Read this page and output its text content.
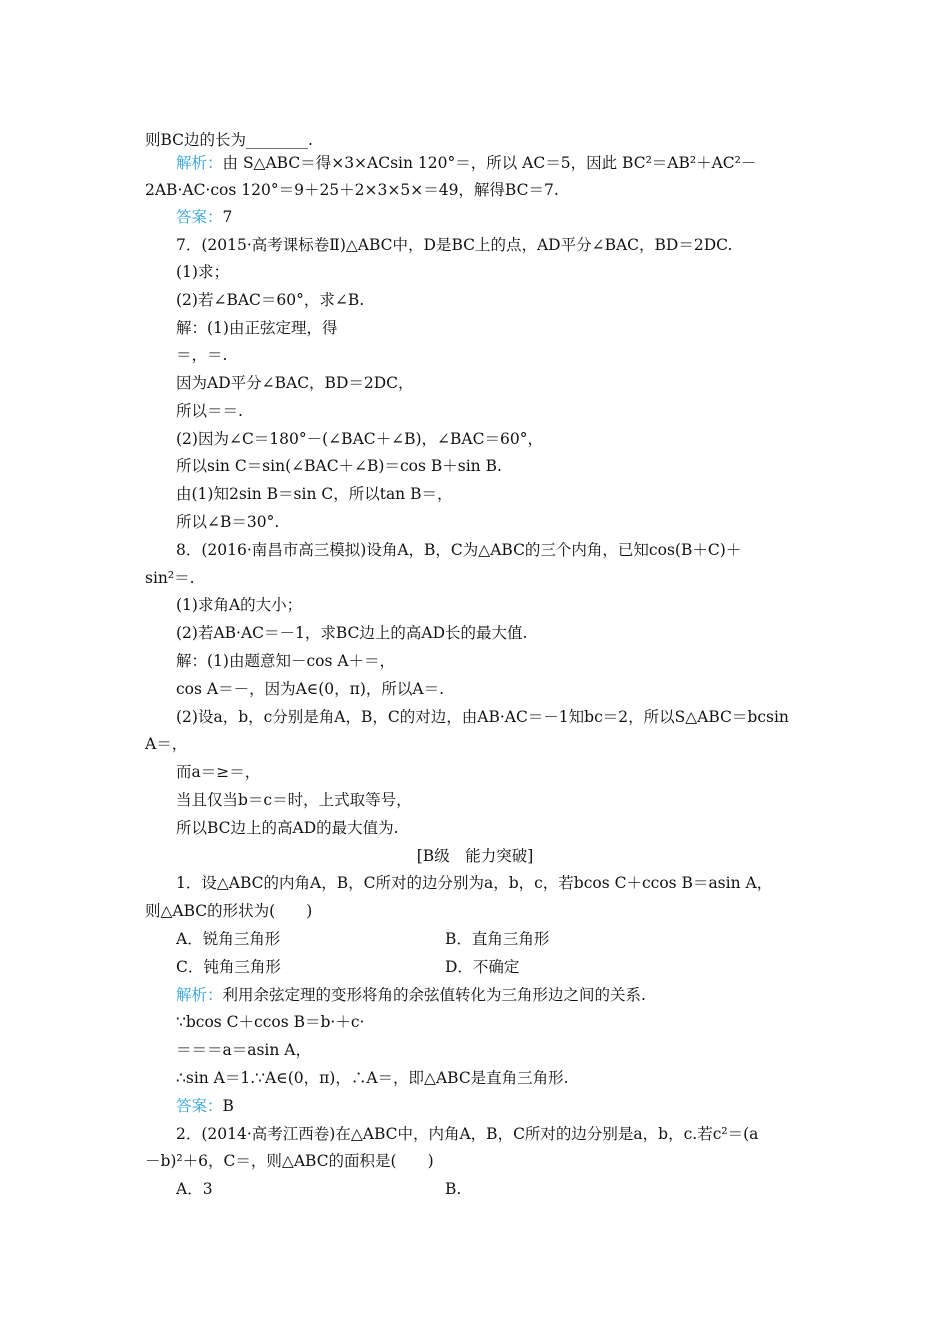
则BC边的长为________.
解析：由 S△ABC＝得×3×ACsin 120°＝，所以 AC＝5，因此 BC²＝AB²＋AC²－
2AB·AC·cos 120°＝9＋25＋2×3×5×＝49，解得BC＝7.
答案：7
7．(2015·高考课标卷Ⅱ)△ABC中，D是BC上的点，AD平分∠BAC，BD＝2DC.
(1)求；
(2)若∠BAC＝60°，求∠B.
解：(1)由正弦定理，得
＝，＝.
因为AD平分∠BAC，BD＝2DC，
所以＝＝.
(2)因为∠C＝180°－(∠BAC＋∠B)，∠BAC＝60°，
所以sin C＝sin(∠BAC＋∠B)＝cos B＋sin B.
由(1)知2sin B＝sin C，所以tan B＝，
所以∠B＝30°.
8．(2016·南昌市高三模拟)设角A，B，C为△ABC的三个内角，已知cos(B＋C)＋
sin²＝.
(1)求角A的大小；
(2)若AB·AC＝－1，求BC边上的高AD长的最大值.
解：(1)由题意知－cos A＋＝，
cos A＝－，因为A∈(0，π)，所以A＝.
(2)设a，b，c分别是角A，B，C的对边，由AB·AC＝－1知bc＝2，所以S△ABC＝bcsin
A＝，
而a＝≥＝，
当且仅当b＝c＝时，上式取等号，
所以BC边上的高AD的最大值为.
[B级　能力突破]
1．设△ABC的内角A，B，C所对的边分别为a，b，c，若bcos C＋ccos B＝asin A，
则△ABC的形状为(　　)
A．锐角三角形	B．直角三角形
C．钝角三角形	D．不确定
解析：利用余弦定理的变形将角的余弦值转化为三角形边之间的关系.
∵bcos C＋ccos B＝b·＋c·
＝＝＝a＝asin A，
∴sin A＝1.∵A∈(0，π)，∴A＝，即△ABC是直角三角形.
答案：B
2．(2014·高考江西卷)在△ABC中，内角A，B，C所对的边分别是a，b，c.若c²＝(a
－b)²＋6，C＝，则△ABC的面积是(　　)
A．3	B.
